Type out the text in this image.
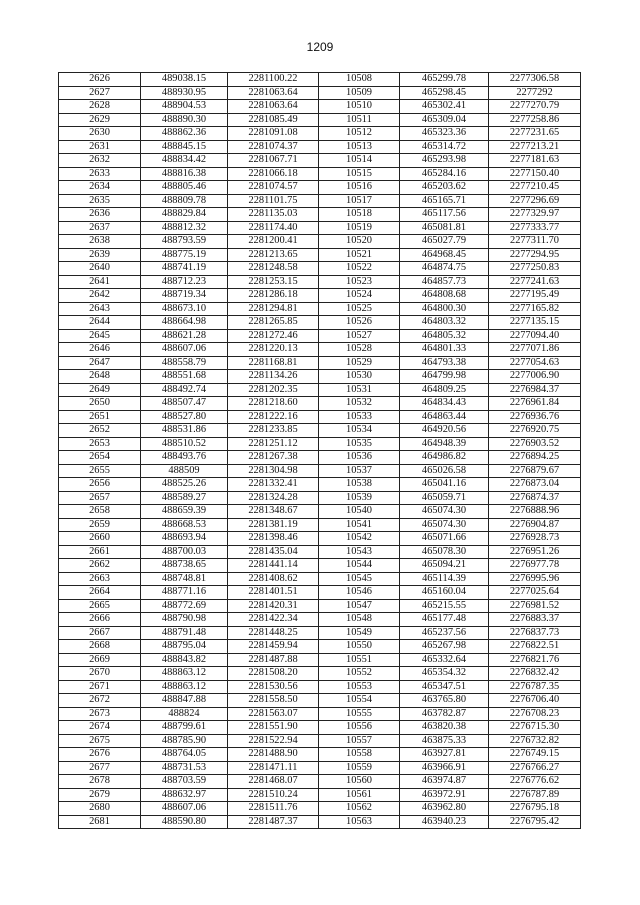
1209
2626	489038.15	2281100.22	10508	465299.78	2277306.58
2627	488930.95	2281063.64	10509	465298.45	2277292
2628	488904.53	2281063.64	10510	465302.41	2277270.79
2629	488890.30	2281085.49	10511	465309.04	2277258.86
2630	488862.36	2281091.08	10512	465323.36	2277231.65
2631	488845.15	2281074.37	10513	465314.72	2277213.21
2632	488834.42	2281067.71	10514	465293.98	2277181.63
2633	488816.38	2281066.18	10515	465284.16	2277150.40
2634	488805.46	2281074.57	10516	465203.62	2277210.45
2635	488809.78	2281101.75	10517	465165.71	2277296.69
2636	488829.84	2281135.03	10518	465117.56	2277329.97
2637	488812.32	2281174.40	10519	465081.81	2277333.77
2638	488793.59	2281200.41	10520	465027.79	2277311.70
2639	488775.19	2281213.65	10521	464968.45	2277294.95
2640	488741.19	2281248.58	10522	464874.75	2277250.83
2641	488712.23	2281253.15	10523	464857.73	2277241.63
2642	488719.34	2281286.18	10524	464808.68	2277195.49
2643	488673.10	2281294.81	10525	464800.30	2277165.82
2644	488664.98	2281265.85	10526	464803.32	2277135.15
2645	488621.28	2281272.46	10527	464805.32	2277094.40
2646	488607.06	2281220.13	10528	464801.33	2277071.86
2647	488558.79	2281168.81	10529	464793.38	2277054.63
2648	488551.68	2281134.26	10530	464799.98	2277006.90
2649	488492.74	2281202.35	10531	464809.25	2276984.37
2650	488507.47	2281218.60	10532	464834.43	2276961.84
2651	488527.80	2281222.16	10533	464863.44	2276936.76
2652	488531.86	2281233.85	10534	464920.56	2276920.75
2653	488510.52	2281251.12	10535	464948.39	2276903.52
2654	488493.76	2281267.38	10536	464986.82	2276894.25
2655	488509	2281304.98	10537	465026.58	2276879.67
2656	488525.26	2281332.41	10538	465041.16	2276873.04
2657	488589.27	2281324.28	10539	465059.71	2276874.37
2658	488659.39	2281348.67	10540	465074.30	2276888.96
2659	488668.53	2281381.19	10541	465074.30	2276904.87
2660	488693.94	2281398.46	10542	465071.66	2276928.73
2661	488700.03	2281435.04	10543	465078.30	2276951.26
2662	488738.65	2281441.14	10544	465094.21	2276977.78
2663	488748.81	2281408.62	10545	465114.39	2276995.96
2664	488771.16	2281401.51	10546	465160.04	2277025.64
2665	488772.69	2281420.31	10547	465215.55	2276981.52
2666	488790.98	2281422.34	10548	465177.48	2276883.37
2667	488791.48	2281448.25	10549	465237.56	2276837.73
2668	488795.04	2281459.94	10550	465267.98	2276822.51
2669	488843.82	2281487.88	10551	465332.64	2276821.76
2670	488863.12	2281508.20	10552	465354.32	2276832.42
2671	488863.12	2281530.56	10553	465347.51	2276787.35
2672	488847.88	2281558.50	10554	463765.80	2276706.40
2673	488824	2281563.07	10555	463782.87	2276708.23
2674	488799.61	2281551.90	10556	463820.38	2276715.30
2675	488785.90	2281522.94	10557	463875.33	2276732.82
2676	488764.05	2281488.90	10558	463927.81	2276749.15
2677	488731.53	2281471.11	10559	463966.91	2276766.27
2678	488703.59	2281468.07	10560	463974.87	2276776.62
2679	488632.97	2281510.24	10561	463972.91	2276787.89
2680	488607.06	2281511.76	10562	463962.80	2276795.18
2681	488590.80	2281487.37	10563	463940.23	2276795.42
